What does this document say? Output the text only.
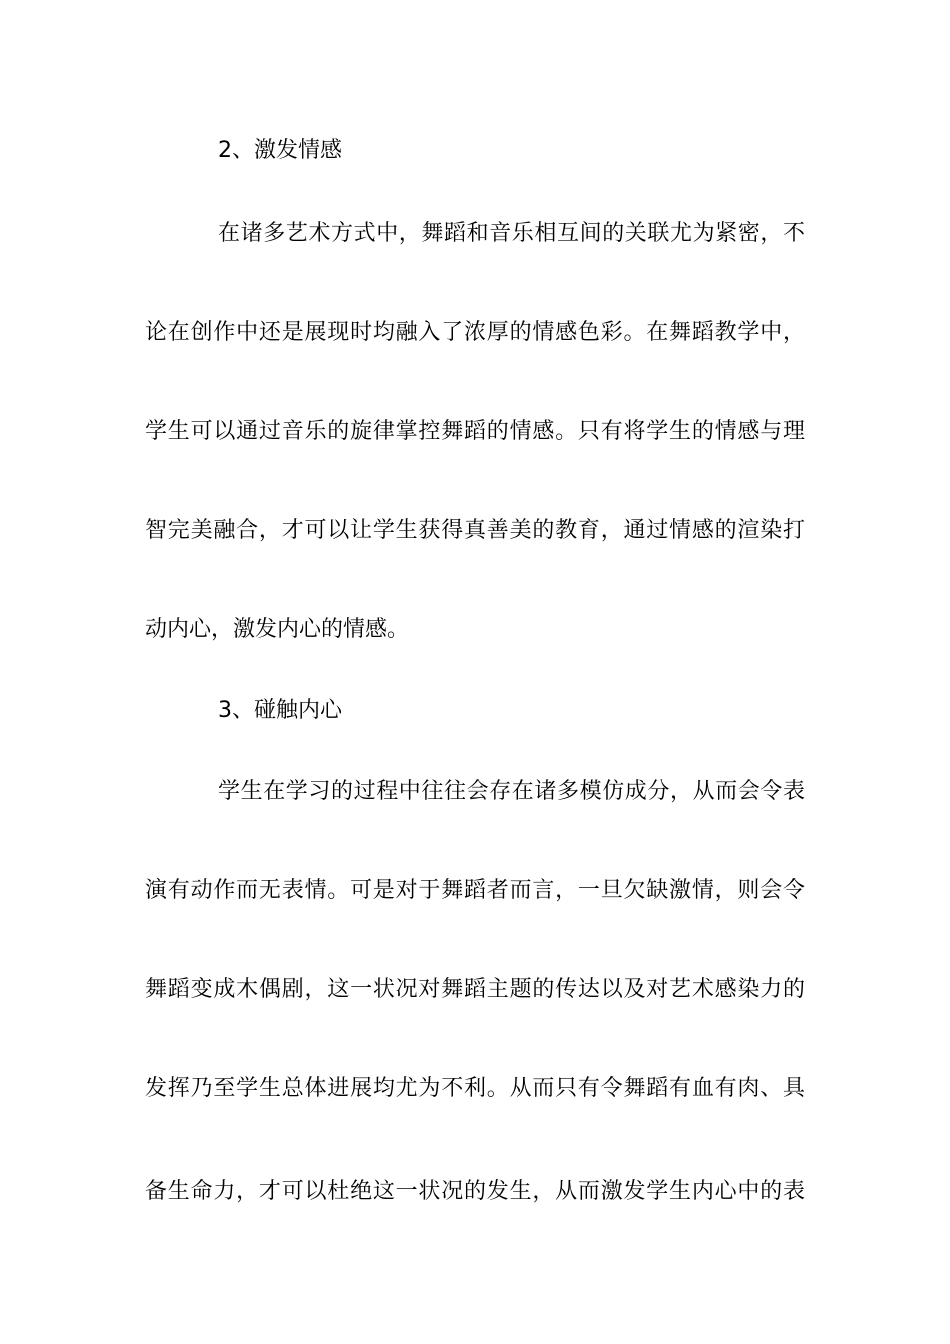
2、激发情感

在诸多艺术方式中，舞蹈和音乐相互间的关联尤为紧密，不

论在创作中还是展现时均融入了浓厚的情感色彩。在舞蹈教学中，

学生可以通过音乐的旋律掌控舞蹈的情感。只有将学生的情感与理

智完美融合，才可以让学生获得真善美的教育，通过情感的渲染打

动内心，激发内心的情感。

3、碰触内心

学生在学习的过程中往往会存在诸多模仿成分，从而会令表

演有动作而无表情。可是对于舞蹈者而言，一旦欠缺激情，则会令

舞蹈变成木偶剧，这一状况对舞蹈主题的传达以及对艺术感染力的

发挥乃至学生总体进展均尤为不利。从而只有令舞蹈有血有肉、具

备生命力，才可以杜绝这一状况的发生，从而激发学生内心中的表
